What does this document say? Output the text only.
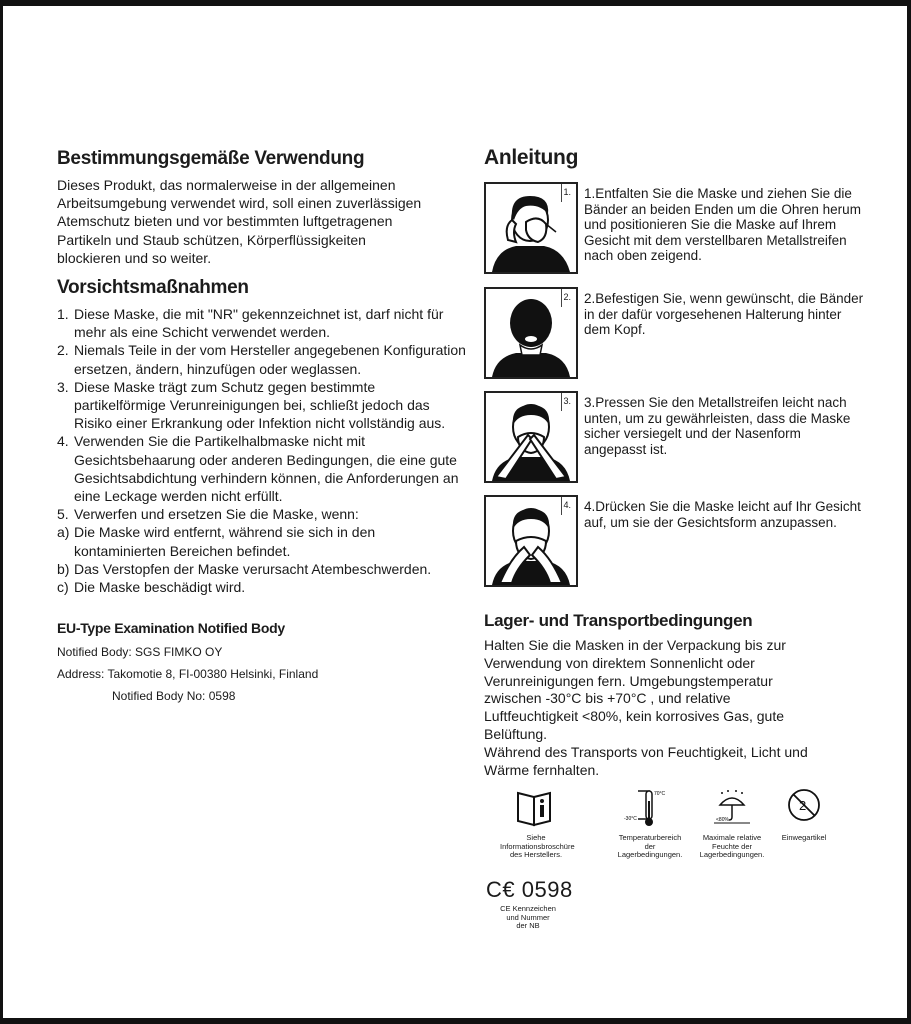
Bestimmungsgemäße Verwendung
Dieses Produkt, das normalerweise in der allgemeinen
Arbeitsumgebung verwendet wird, soll einen zuverlässigen
Atemschutz bieten und vor bestimmten luftgetragenen
Partikeln und Staub schützen, Körperflüssigkeiten
blockieren und so weiter.
Vorsichtsmaßnahmen
1. Diese Maske, die mit "NR" gekennzeichnet ist, darf nicht für mehr als eine Schicht verwendet werden.
2. Niemals Teile in der vom Hersteller angegebenen Konfiguration ersetzen, ändern, hinzufügen oder weglassen.
3. Diese Maske trägt zum Schutz gegen bestimmte partikelförmige Verunreinigungen bei, schließt jedoch das Risiko einer Erkrankung oder Infektion nicht vollständig aus.
4. Verwenden Sie die Partikelhalbmaske nicht mit Gesichtsbehaarung oder anderen Bedingungen, die eine gute Gesichtsabdichtung verhindern können, die Anforderungen an eine Leckage werden nicht erfüllt.
5. Verwerfen und ersetzen Sie die Maske, wenn:
a) Die Maske wird entfernt, während sie sich in den kontaminierten Bereichen befindet.
b) Das Verstopfen der Maske verursacht Atembeschwerden.
c) Die Maske beschädigt wird.
EU-Type Examination Notified Body
Notified Body: SGS FIMKO OY
Address: Takomotie 8, FI-00380 Helsinki, Finland
Notified Body No: 0598
Anleitung
1. 1.Entfalten Sie die Maske und ziehen Sie die Bänder an beiden Enden um die Ohren herum und positionieren Sie die Maske auf Ihrem Gesicht mit dem verstellbaren Metallstreifen nach oben zeigend.
2. 2.Befestigen Sie, wenn gewünscht, die Bänder in der dafür vorgesehenen Halterung hinter dem Kopf.
3. 3.Pressen Sie den Metallstreifen leicht nach unten, um zu gewährleisten, dass die Maske sicher versiegelt und der Nasenform angepasst ist.
4. 4.Drücken Sie die Maske leicht auf Ihr Gesicht auf, um sie der Gesichtsform anzupassen.
Lager- und Transportbedingungen
Halten Sie die Masken in der Verpackung bis zur
Verwendung von direktem Sonnenlicht oder
Verunreinigungen fern. Umgebungstemperatur
zwischen -30°C bis +70°C , und relative
Luftfeuchtigkeit <80%, kein korrosives Gas, gute
Belüftung.
Während des Transports von Feuchtigkeit, Licht und
Wärme fernhalten.
Siehe
Informationsbroschüre
des Herstellers.
70°C
-30°C
Temperaturbereich
der
Lagerbedingungen.
<80%
Maximale relative
Feuchte der
Lagerbedingungen.
2
Einwegartikel
C€ 0598
CE Kennzeichen
und Nummer
der NB
